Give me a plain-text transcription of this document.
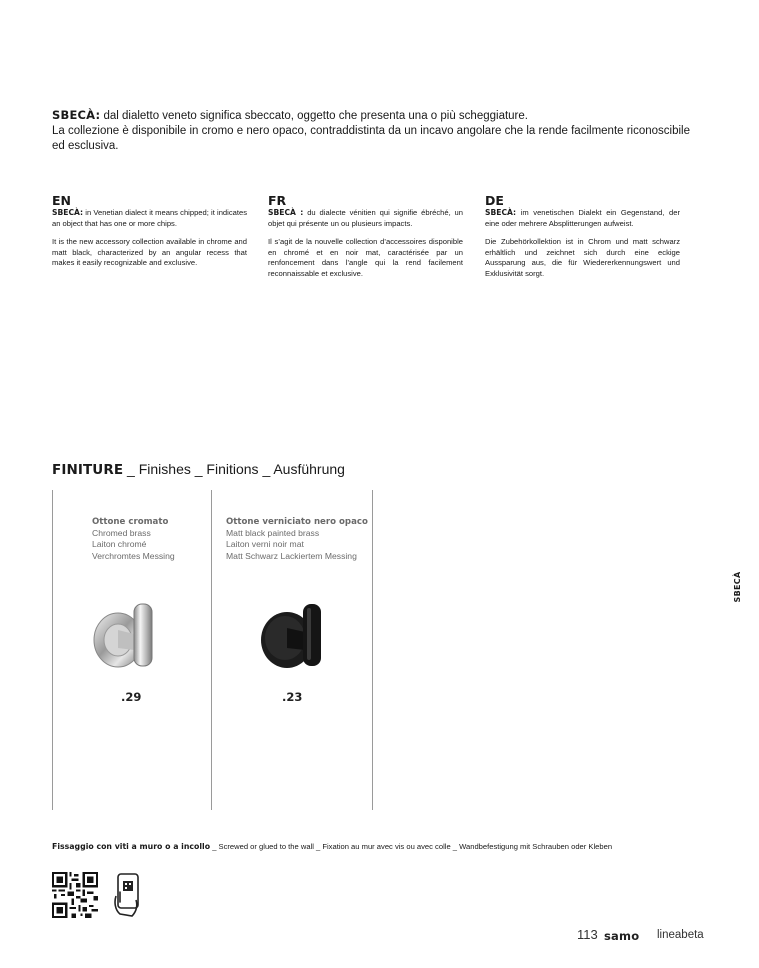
SBECÀ: dal dialetto veneto significa sbeccato, oggetto che presenta una o più scheggiature.
La collezione è disponibile in cromo e nero opaco, contraddistinta da un incavo angolare che la rende facilmente riconoscibile ed esclusiva.
EN

SBECÀ: in Venetian dialect it means chipped; it indicates an object that has one or more chips.

It is the new accessory collection available in chrome and matt black, characterized by an angular recess that makes it easily recognizable and exclusive.

FR

SBECÀ : du dialecte vénitien qui signifie ébréché, un objet qui présente un ou plusieurs impacts.

Il s’agit de la nouvelle collection d’accessoires disponible en chromé et en noir mat, caractérisée par un renfoncement dans l’angle qui la rend facilement reconnaissable et exclusive.

DE

SBECÀ: im venetischen Dialekt ein Gegenstand, der eine oder mehrere Absplitterungen aufweist.

Die Zubehörkollektion ist in Chrom und matt schwarz erhältlich und zeichnet sich durch eine eckige Aussparung aus, die für Wiedererkennungswert und Exklusivität sorgt.

FINITURE _ Finishes _ Finitions _ Ausführung
Ottone cromato
Chromed brass
Laiton chromé
Verchromtes Messing
.29
Ottone verniciato nero opaco
Matt black painted brass
Laiton verni noir mat
Matt Schwarz Lackiertem Messing
.23
Fissaggio con viti a muro o a incollo _ Screwed or glued to the wall _ Fixation au mur avec vis ou avec colle _ Wandbefestigung mit Schrauben oder Kleben
SBECÀ
113 samo lineabeta
